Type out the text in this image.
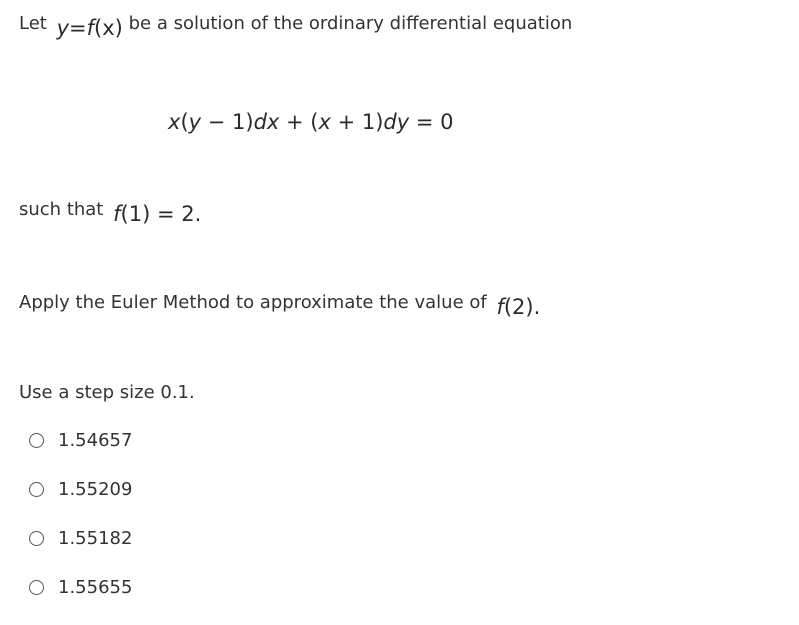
Let y=f(x) be a solution of the ordinary differential equation
x(y − 1)dx + (x + 1)dy = 0
such that f(1) = 2.
Apply the Euler Method to approximate the value of f(2).
Use a step size 0.1.
1.54657
1.55209
1.55182
1.55655
